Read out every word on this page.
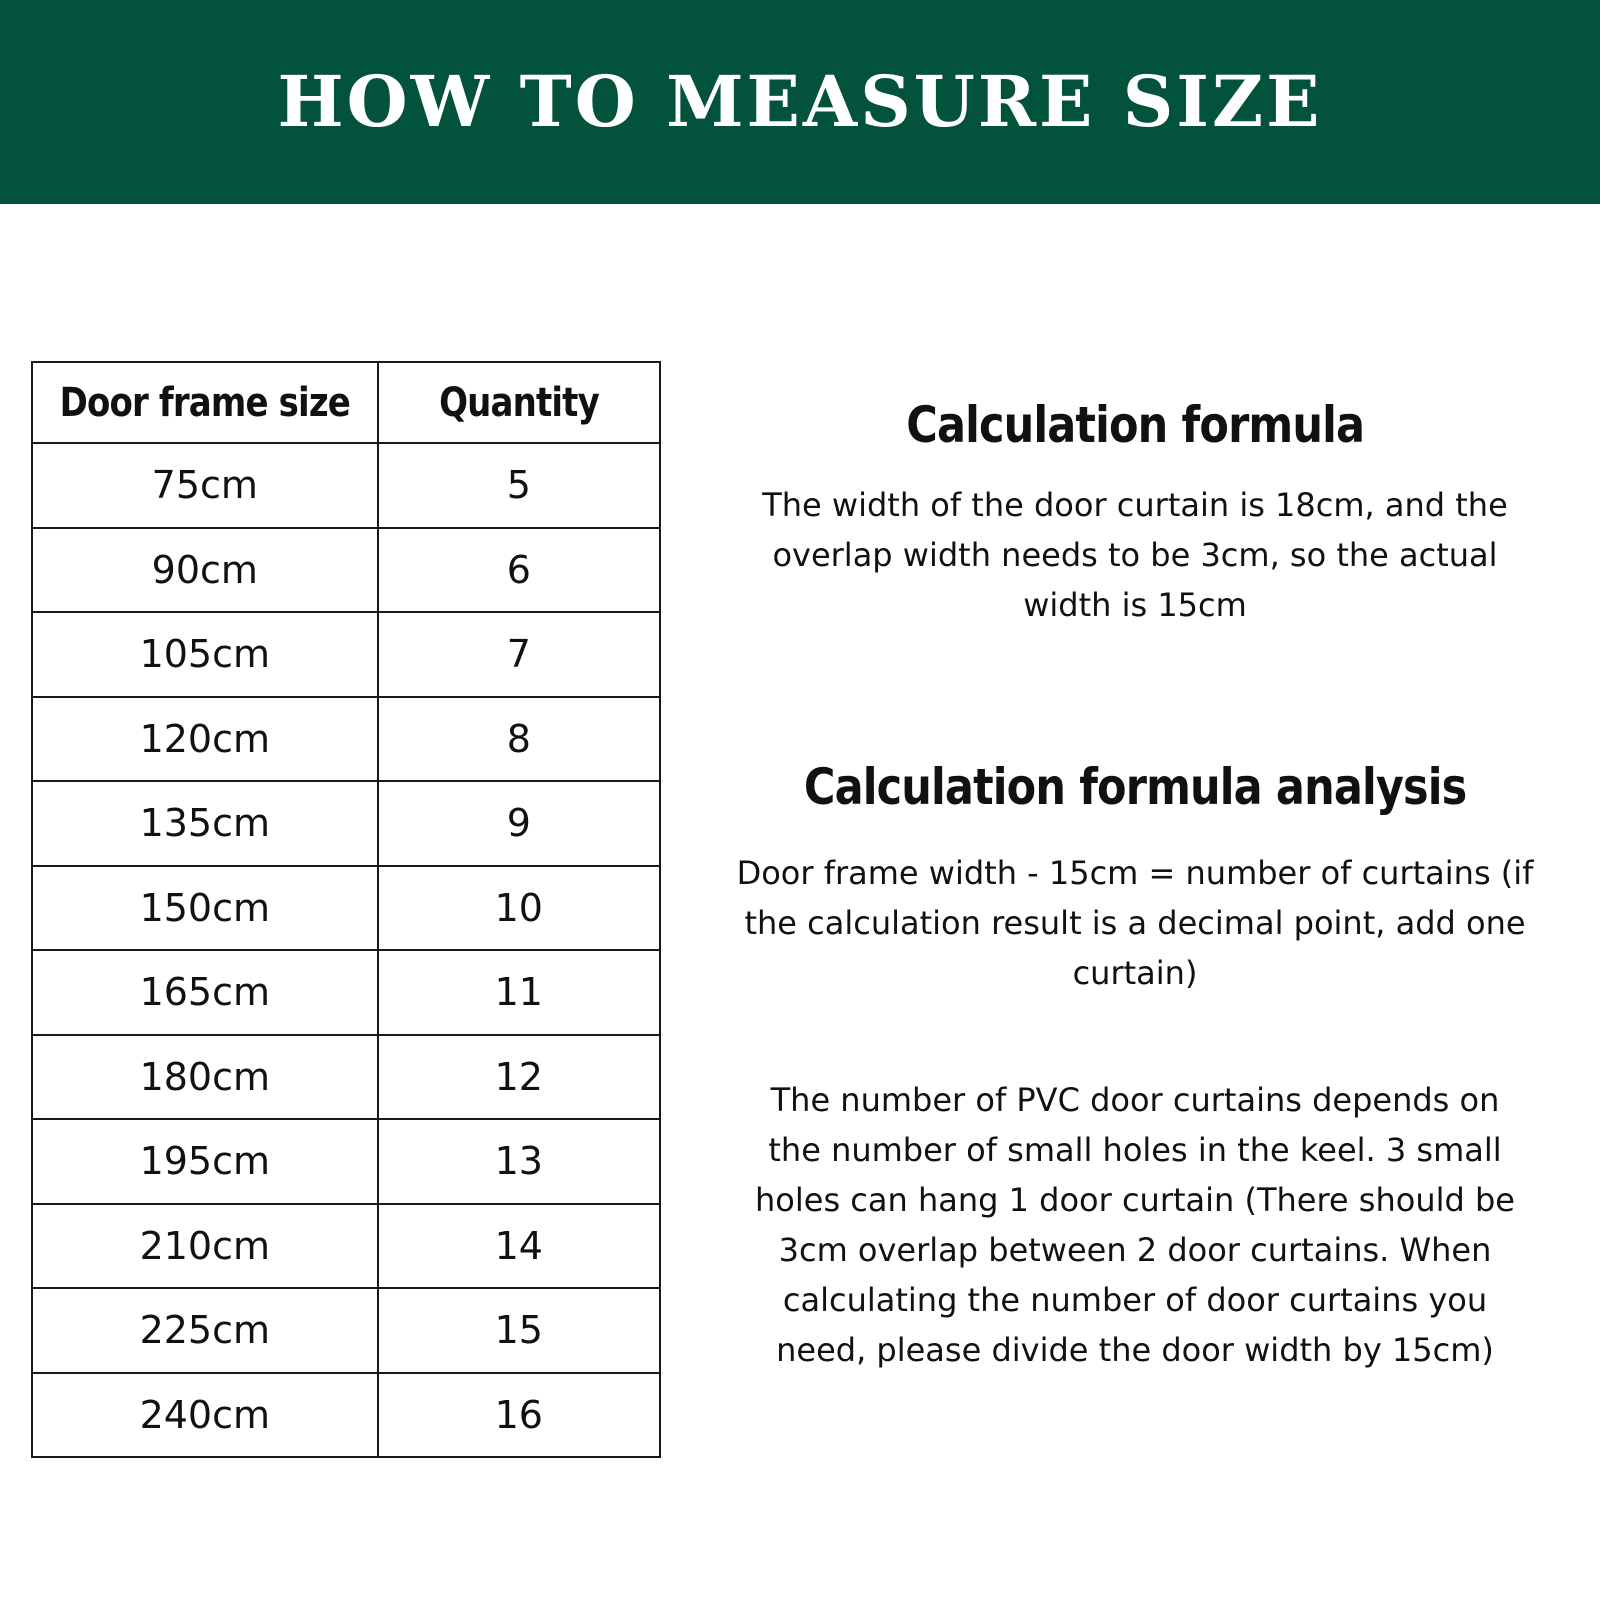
HOW TO MEASURE SIZE
Door frame size	Quantity
75cm	5
90cm	6
105cm	7
120cm	8
135cm	9
150cm	10
165cm	11
180cm	12
195cm	13
210cm	14
225cm	15
240cm	16
Calculation formula

The width of the door curtain is 18cm, and the overlap width needs to be 3cm, so the actual width is 15cm

Calculation formula analysis

Door frame width - 15cm = number of curtains (if the calculation result is a decimal point, add one curtain)

The number of PVC door curtains depends on the number of small holes in the keel. 3 small holes can hang 1 door curtain (There should be 3cm overlap between 2 door curtains. When calculating the number of door curtains you need, please divide the door width by 15cm)
